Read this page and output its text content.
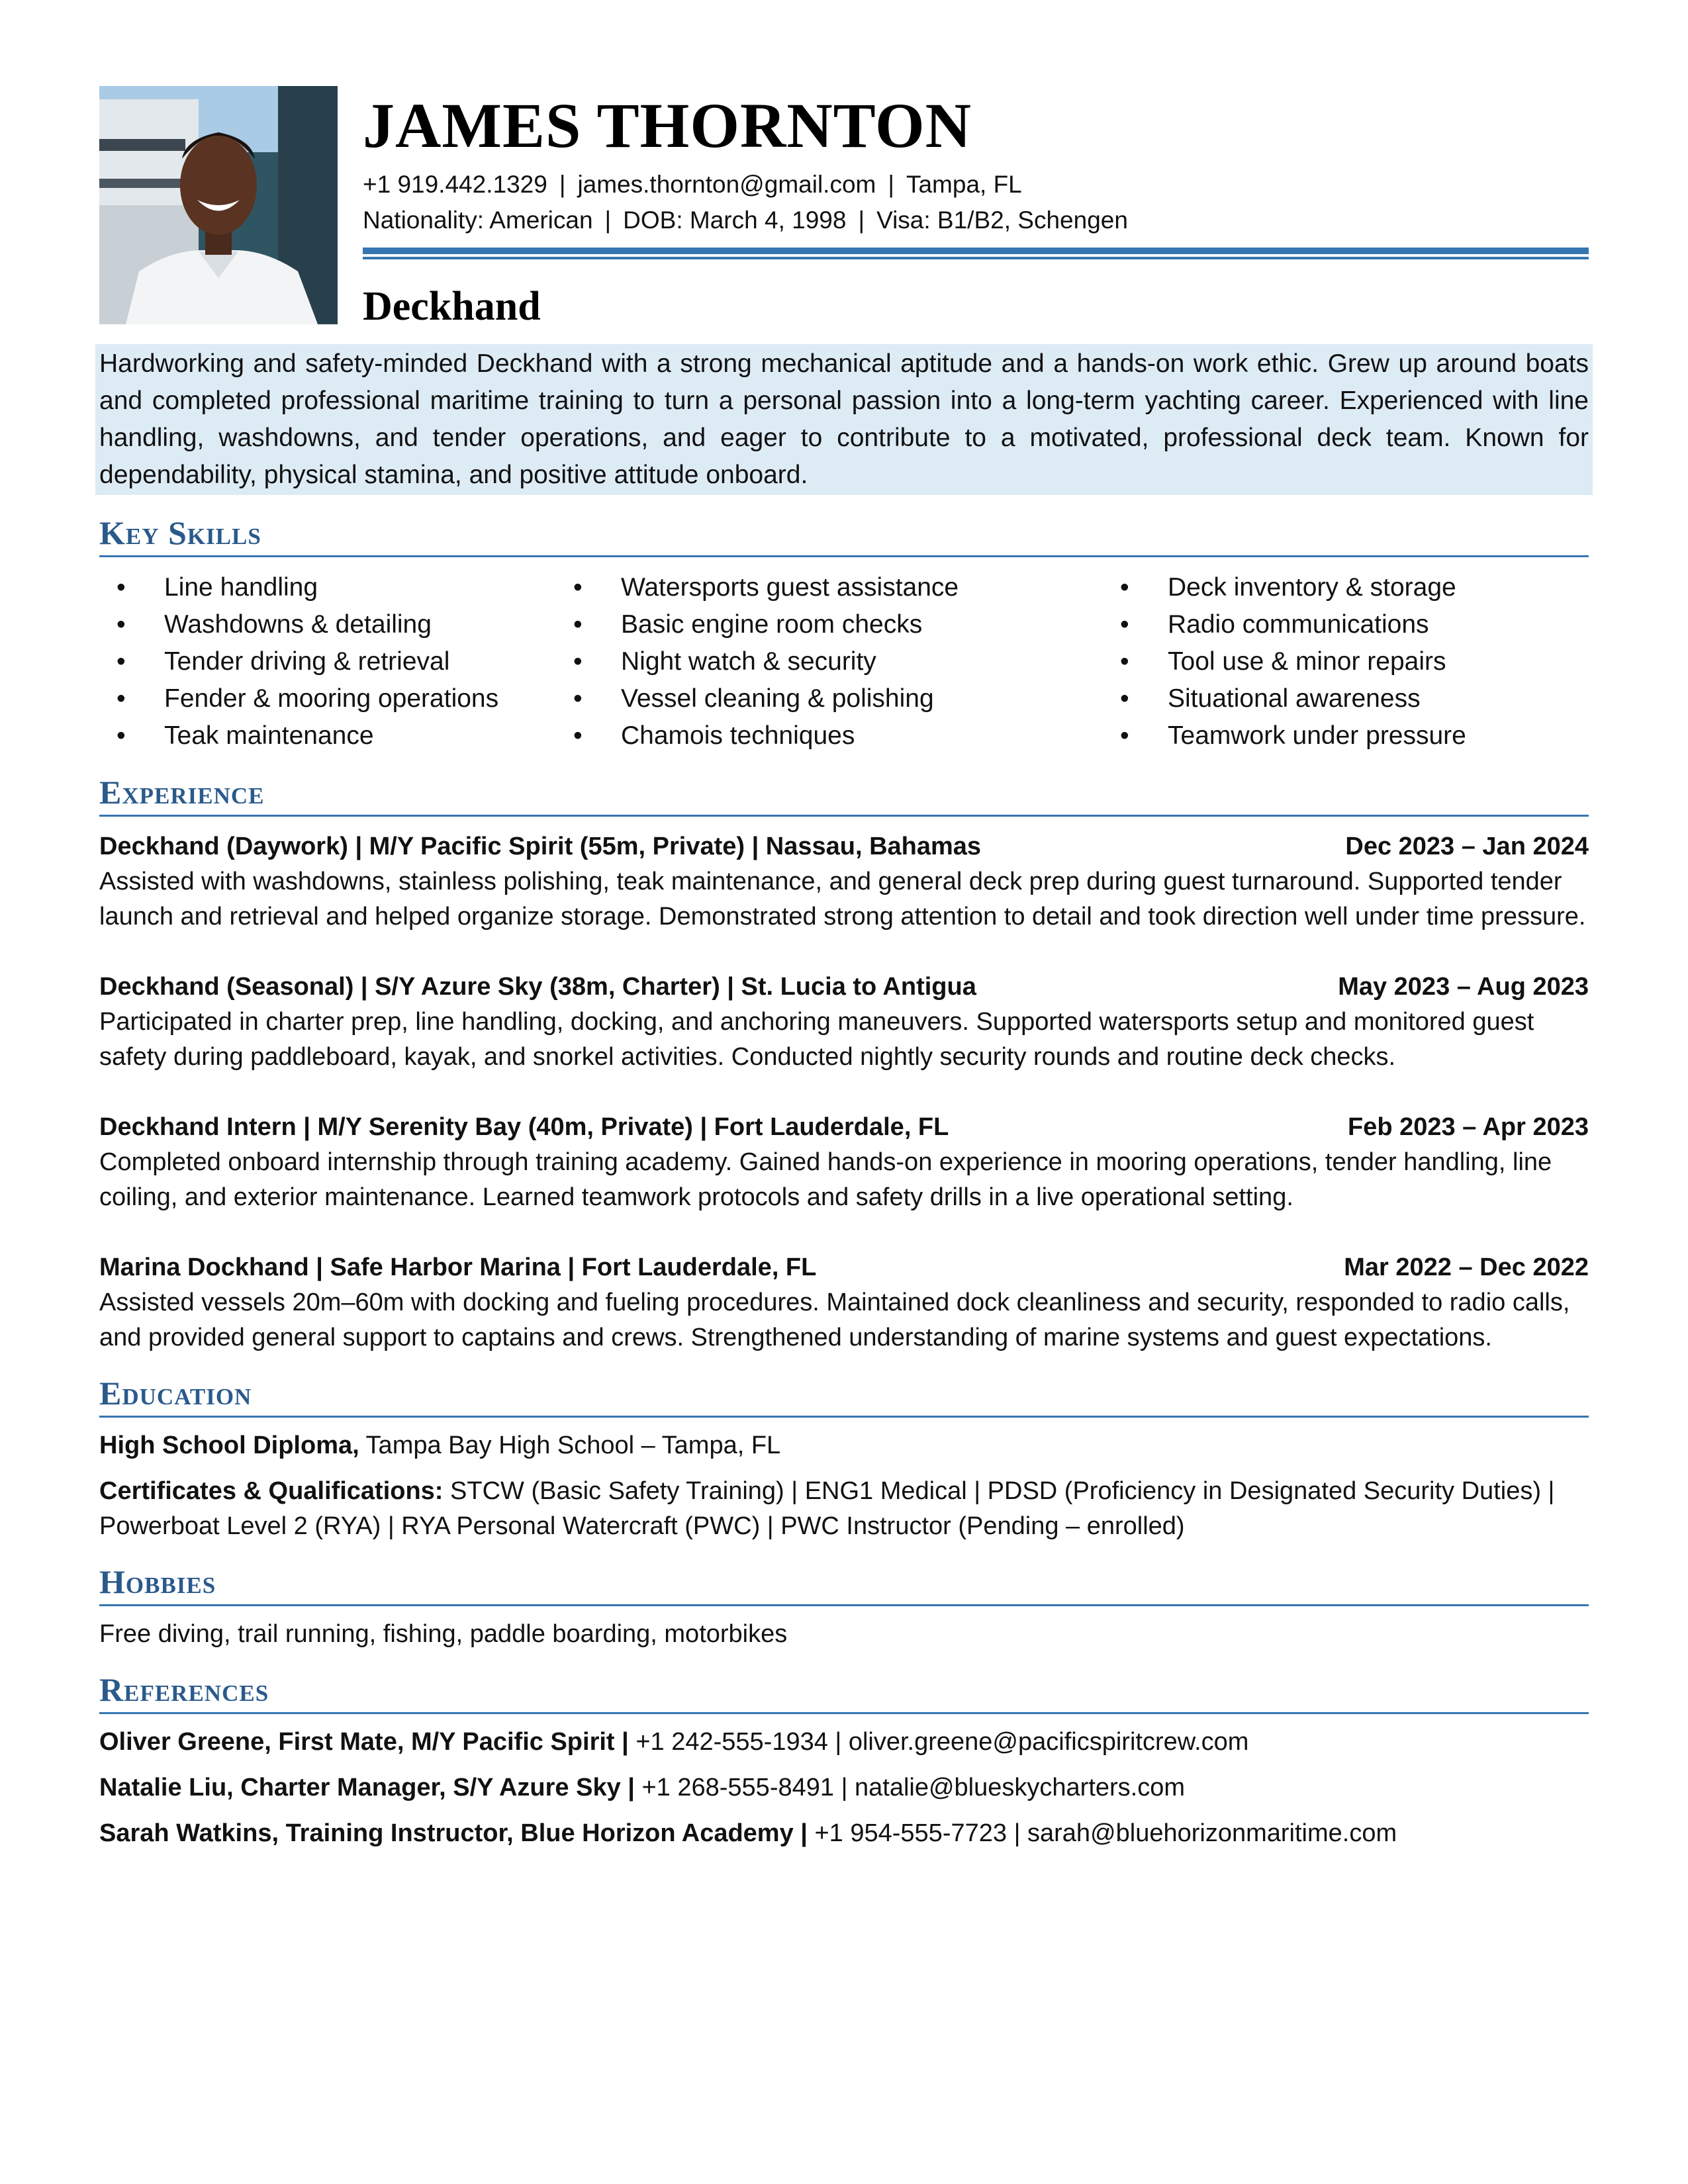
JAMES THORNTON
+1 919.442.1329 | james.thornton@gmail.com | Tampa, FL
Nationality: American | DOB: March 4, 1998 | Visa: B1/B2, Schengen
Deckhand

Hardworking and safety-minded Deckhand with a strong mechanical aptitude and a hands-on work ethic. Grew up around boats and completed professional maritime training to turn a personal passion into a long-term yachting career. Experienced with line handling, washdowns, and tender operations, and eager to contribute to a motivated, professional deck team. Known for dependability, physical stamina, and positive attitude onboard.

Key Skills
• Line handling
• Washdowns & detailing
• Tender driving & retrieval
• Fender & mooring operations
• Teak maintenance
• Watersports guest assistance
• Basic engine room checks
• Night watch & security
• Vessel cleaning & polishing
• Chamois techniques
• Deck inventory & storage
• Radio communications
• Tool use & minor repairs
• Situational awareness
• Teamwork under pressure
Experience
Deckhand (Daywork) | M/Y Pacific Spirit (55m, Private) | Nassau, Bahamas	Dec 2023 – Jan 2024
Assisted with washdowns, stainless polishing, teak maintenance, and general deck prep during guest turnaround. Supported tender launch and retrieval and helped organize storage. Demonstrated strong attention to detail and took direction well under time pressure.
Deckhand (Seasonal) | S/Y Azure Sky (38m, Charter) | St. Lucia to Antigua	May 2023 – Aug 2023
Participated in charter prep, line handling, docking, and anchoring maneuvers. Supported watersports setup and monitored guest safety during paddleboard, kayak, and snorkel activities. Conducted nightly security rounds and routine deck checks.
Deckhand Intern | M/Y Serenity Bay (40m, Private) | Fort Lauderdale, FL	Feb 2023 – Apr 2023
Completed onboard internship through training academy. Gained hands-on experience in mooring operations, tender handling, line coiling, and exterior maintenance. Learned teamwork protocols and safety drills in a live operational setting.
Marina Dockhand | Safe Harbor Marina | Fort Lauderdale, FL	Mar 2022 – Dec 2022
Assisted vessels 20m–60m with docking and fueling procedures. Maintained dock cleanliness and security, responded to radio calls, and provided general support to captains and crews. Strengthened understanding of marine systems and guest expectations.
Education
High School Diploma, Tampa Bay High School – Tampa, FL
Certificates & Qualifications: STCW (Basic Safety Training) | ENG1 Medical | PDSD (Proficiency in Designated Security Duties) | Powerboat Level 2 (RYA) | RYA Personal Watercraft (PWC) | PWC Instructor (Pending – enrolled)
Hobbies
Free diving, trail running, fishing, paddle boarding, motorbikes
References
Oliver Greene, First Mate, M/Y Pacific Spirit | +1 242-555-1934 | oliver.greene@pacificspiritcrew.com
Natalie Liu, Charter Manager, S/Y Azure Sky | +1 268-555-8491 | natalie@blueskycharters.com
Sarah Watkins, Training Instructor, Blue Horizon Academy | +1 954-555-7723 | sarah@bluehorizonmaritime.com
